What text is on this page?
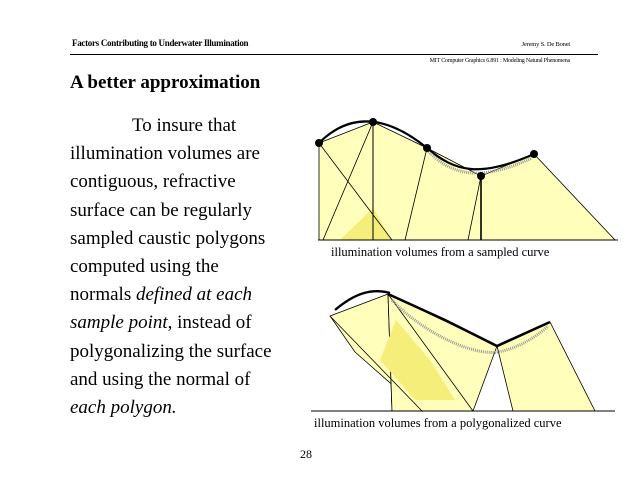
Factors Contributing to Underwater Illumination	Jeremy S. De Bonet
MIT Computer Graphics 6.891 : Modeling Natural Phenomena
A better approximation
To insure that
illumination volumes are
contiguous, refractive
surface can be regularly
sampled caustic polygons
computed using the
normals defined at each
sample point, instead of
polygonalizing the surface
and using the normal of
each polygon.
illumination volumes from a sampled curve
illumination volumes from a polygonalized curve
28
